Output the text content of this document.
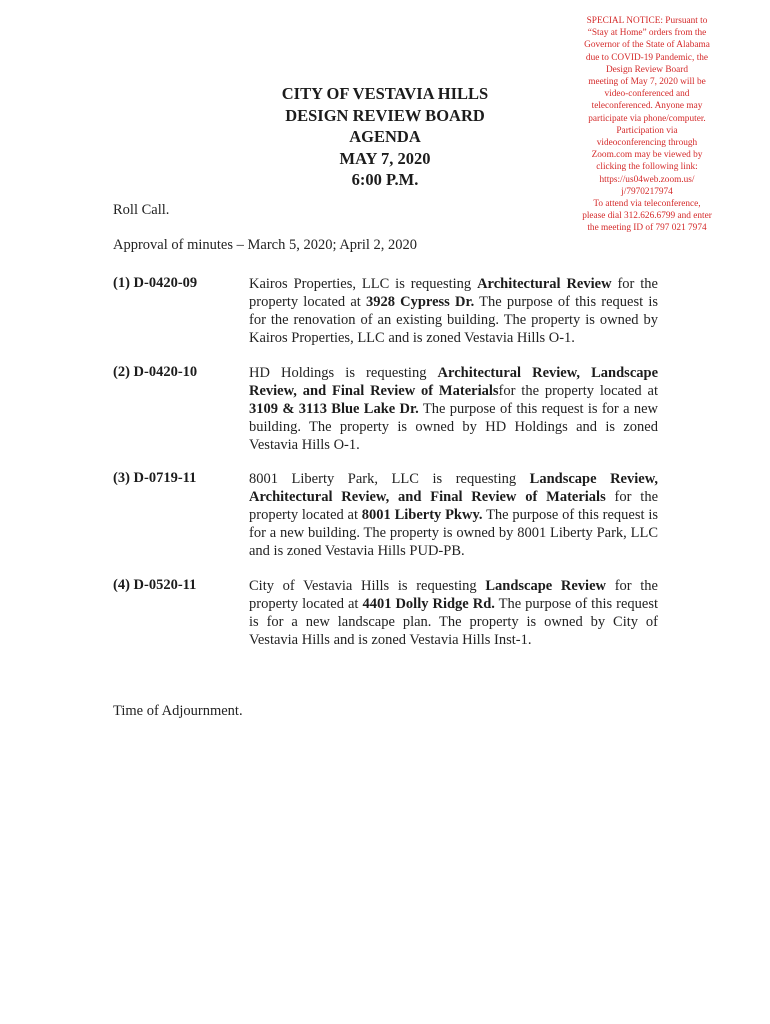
SPECIAL NOTICE: Pursuant to

“Stay at Home” orders from the

Governor of the State of Alabama

due to COVID-19 Pandemic, the

Design Review Board

meeting of May 7, 2020 will be

video-conferenced and

teleconferenced. Anyone may

participate via phone/computer.

Participation via

videoconferencing through

Zoom.com may be viewed by

clicking the following link:

https://us04web.zoom.us/

j/7970217974

To attend via teleconference,

please dial 312.626.6799 and enter

the meeting ID of 797 021 7974

CITY OF VESTAVIA HILLS
DESIGN REVIEW BOARD
AGENDA
MAY 7, 2020
6:00 P.M.
Roll Call.
Approval of minutes – March 5, 2020; April 2, 2020
(1) D-0420-09	Kairos Properties, LLC is requesting Architectural Review for the property located at 3928 Cypress Dr. The purpose of this request is for the renovation of an existing building. The property is owned by Kairos Properties, LLC and is zoned Vestavia Hills O-1.
(2) D-0420-10	HD Holdings is requesting Architectural Review, Landscape Review, and Final Review of Materialsfor the property located at 3109 & 3113 Blue Lake Dr. The purpose of this request is for a new building. The property is owned by HD Holdings and is zoned Vestavia Hills O-1.
(3) D-0719-11	8001 Liberty Park, LLC is requesting Landscape Review, Architectural Review, and Final Review of Materials for the property located at 8001 Liberty Pkwy. The purpose of this request is for a new building. The property is owned by 8001 Liberty Park, LLC and is zoned Vestavia Hills PUD-PB.
(4) D-0520-11	City of Vestavia Hills is requesting Landscape Review for the property located at 4401 Dolly Ridge Rd. The purpose of this request is for a new landscape plan. The property is owned by City of Vestavia Hills and is zoned Vestavia Hills Inst-1.
Time of Adjournment.
